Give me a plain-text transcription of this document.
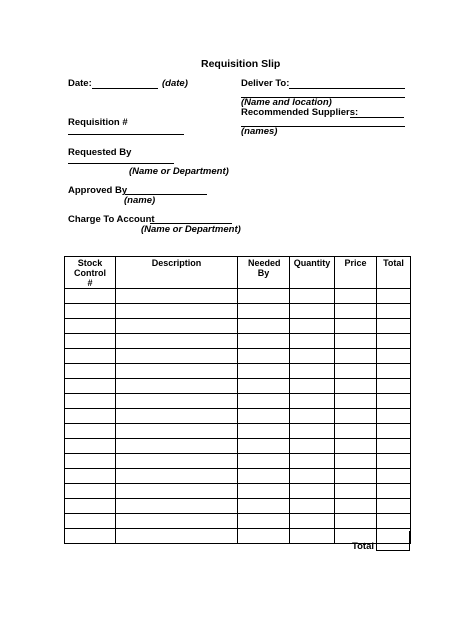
Requisition Slip
Date:	(date)
Requisition #
Requested By
(Name or Department)
Approved By
(name)
Charge To Account
(Name or Department)
Deliver To:
(Name and location)
Recommended Suppliers:
(names)
Stock Control #	Description	Needed By	Quantity	Price	Total

Total
